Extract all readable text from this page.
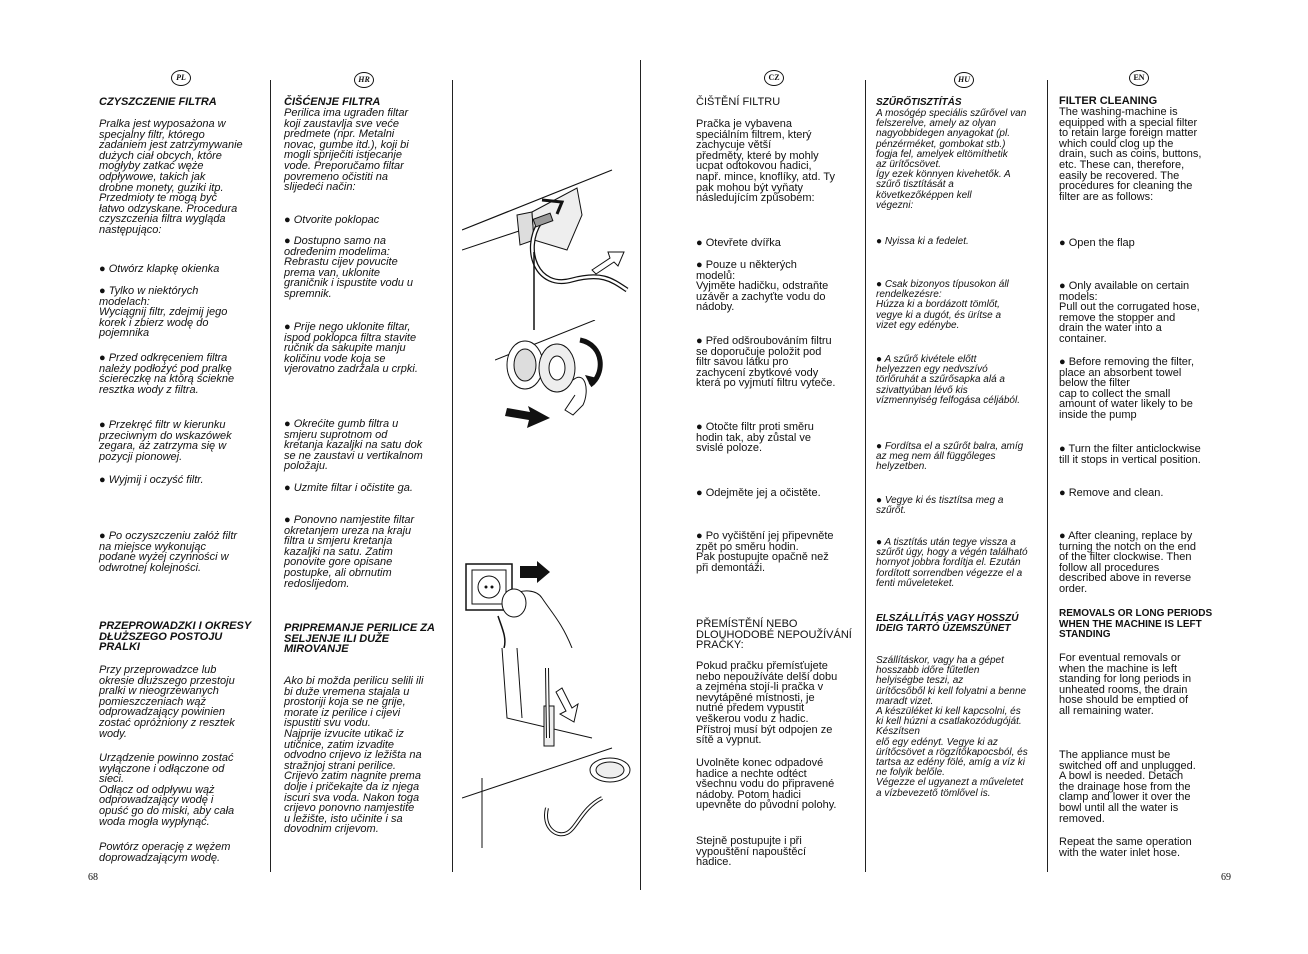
PL
CZYSZCZENIE FILTRA
Pralka jest wyposażona w
specjalny filtr, którego
zadaniem jest zatrzymywanie
dużych ciał obcych, które
mogłyby zatkać węże
odpływowe, takich jak
drobne monety, guziki itp.
Przedmioty te mogą być
łatwo odzyskane. Procedura
czyszczenia filtra wygląda
następująco:
● Otwórz klapkę okienka
● Tylko w niektórych
modelach:
Wyciągnij filtr, zdejmij jego
korek i zbierz wodę do
pojemnika
● Przed odkręceniem filtra
należy podłożyć pod pralkę
ściereczkę na którą ściekne
resztka wody z filtra.
● Przekręć filtr w kierunku
przeciwnym do wskazówek
zegara, aż zatrzyma się w
pozycji pionowej.
● Wyjmij i oczyść filtr.
● Po oczyszczeniu załóż filtr
na miejsce wykonując
podane wyżej czynności w
odwrotnej kolejności.
PRZEPROWADZKI I OKRESY
DŁUŻSZEGO POSTOJU PRALKI
Przy przeprowadzce lub
okresie dłuższego przestoju
pralki w nieogrzewanych
pomieszczeniach wąż
odprowadzający powinien
zostać opróżniony z resztek
wody.
Urządzenie powinno zostać
wyłączone i odłączone od
sieci.
Odłącz od odpływu wąż
odprowadzający wodę i
opuść go do miski, aby cała
woda mogła wypłynąć.
Powtórz operację z wężem
doprowadzającym wodę.
HR
ČIŠĆENJE FILTRA
Perilica ima ugrađen filtar
koji zaustavlja sve veće
predmete (npr. Metalni
novac, gumbe itd.), koji bi
mogli spriječiti istjecanje
vode. Preporučamo filtar
povremeno očistiti na
slijedeći način:
● Otvorite poklopac
● Dostupno samo na
određenim modelima:
Rebrastu cijev povucite
prema van, uklonite
graničnik i ispustite vodu u
spremnik.
● Prije nego uklonite filtar,
ispod poklopca filtra stavite
ručnik da sakupite manju
količinu vode koja se
vjerovatno zadržala u crpki.
● Okrećite gumb filtra u
smjeru suprotnom od
kretanja kazaljki na satu dok
se ne zaustavi u vertikalnom
položaju.
● Uzmite filtar i očistite ga.
● Ponovno namjestite filtar
okretanjem ureza na kraju
filtra u smjeru kretanja
kazaljki na satu. Zatim
ponovite gore opisane
postupke, ali obrnutim
redoslijedom.
PRIPREMANJE PERILICE ZA
SELJENJE ILI DUŽE
MIROVANJE
Ako bi možda perilicu selili ili
bi duže vremena stajala u
prostoriji koja se ne grije,
morate iz perilice i cijevi
ispustiti svu vodu.
Najprije izvucite utikač iz
utičnice, zatim izvadite
odvodno crijevo iz ležišta na
stražnjoj strani perilice.
Crijevo zatim nagnite prema
dolje i pričekajte da iz njega
iscuri sva voda. Nakon toga
crijevo ponovno namjestite
u ležište, isto učinite i sa
dovodnim crijevom.
CZ
ČIŠTĚNÍ FILTRU
Pračka je vybavena
speciálním filtrem, který
zachycuje větší
předměty, které by mohly
ucpat odtokovou hadici,
např. mince, knoflíky, atd. Ty
pak mohou být vyňaty
následujícím způsobem:
● Otevřete dvířka
● Pouze u některých
modelů:
Vyjměte hadičku, odstraňte
uzávěr a zachyťte vodu do
nádoby.
● Před odšroubováním filtru
se doporučuje položit pod
filtr savou látku pro
zachycení zbytkové vody
která po vyjmutí filtru vyteče.
● Otočte filtr proti směru
hodin tak, aby zůstal ve
svislé poloze.
● Odejměte jej a očistěte.
● Po vyčištění jej připevněte
zpět po směru hodin.
Pak postupujte opačně než
při demontáži.
PŘEMÍSTĚNÍ NEBO
DLOUHODOBÉ NEPOUŽÍVÁNÍ
PRAČKY:
Pokud pračku přemísťujete
nebo nepoužíváte delší dobu
a zejména stojí-li pračka v
nevytápěné místnosti, je
nutné předem vypustit
veškerou vodu z hadic.
Přístroj musí být odpojen ze
sítě a vypnut.
Uvolněte konec odpadové
hadice a nechte odtéct
všechnu vodu do připravené
nádoby. Potom hadici
upevněte do původní polohy.
Stejně postupujte i při
vypouštění napouštěcí
hadice.
HU
SZŰRŐTISZTÍTÁS
A mosógép speciális szűrővel van
felszerelve, amely az olyan
nagyobbidegen anyagokat (pl.
pénzérméket, gombokat stb.)
fogja fel, amelyek eltömíthetik
az ürítőcsövet.
Így ezek könnyen kivehetők. A
szűrő tisztítását a
következőképpen kell
végezni:
● Nyissa ki a fedelet.
● Csak bizonyos típusokon áll
rendelkezésre:
Húzza ki a bordázott tömlőt,
vegye ki a dugót, és ürítse a
vizet egy edénybe.
● A szűrő kivétele előtt
helyezzen egy nedvszívó
törlőruhát a szűrősapka alá a
szivattyúban lévő kis
vízmennyiség felfogása céljából.
● Fordítsa el a szűrőt balra, amíg
az meg nem áll függőleges
helyzetben.
● Vegye ki és tisztítsa meg a
szűrőt.
● A tisztítás után tegye vissza a
szűrőt úgy, hogy a végén található
hornyot jobbra fordítja el. Ezután
fordított sorrendben végezze el a
fenti műveleteket.
ELSZÁLLÍTÁS VAGY HOSSZÚ
IDEIG TARTÓ ÜZEMSZÜNET
Szállításkor, vagy ha a gépet
hosszabb időre fűtetlen
helyiségbe teszi, az
ürítőcsőből ki kell folyatni a benne
maradt vizet.
A készüléket ki kell kapcsolni, és
ki kell húzni a csatlakozódugóját.
Készítsen
elő egy edényt. Vegye ki az
ürítőcsövet a rögzítőkapocsból, és
tartsa az edény fölé, amíg a víz ki
ne folyik belőle.
Végezze el ugyanezt a műveletet
a vízbevezető tömlővel is.
EN
FILTER CLEANING
The washing-machine is
equipped with a special filter
to retain large foreign matter
which could clog up the
drain, such as coins, buttons,
etc. These can, therefore,
easily be recovered. The
procedures for cleaning the
filter are as follows:
● Open the flap
● Only available on certain
models:
Pull out the corrugated hose,
remove the stopper and
drain the water into a
container.
● Before removing the filter,
place an absorbent towel
below the filter
cap to collect the small
amount of water likely to be
inside the pump
● Turn the filter anticlockwise
till it stops in vertical position.
● Remove and clean.
● After cleaning, replace by
turning the notch on the end
of the filter clockwise. Then
follow all procedures
described above in reverse
order.
REMOVALS OR LONG PERIODS
WHEN THE MACHINE IS LEFT
STANDING
For eventual removals or
when the machine is left
standing for long periods in
unheated rooms, the drain
hose should be emptied of
all remaining water.
The appliance must be
switched off and unplugged.
A bowl is needed. Detach
the drainage hose from the
clamp and lower it over the
bowl until all the water is
removed.
Repeat the same operation
with the water inlet hose.
68	69
